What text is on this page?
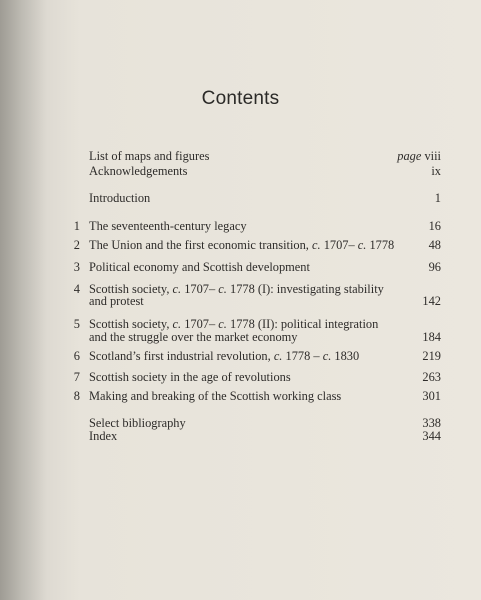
Contents
List of maps and figures	page viii
Acknowledgements	ix
Introduction	1
1 The seventeenth-century legacy	16
2 The Union and the first economic transition, c. 1707– c. 1778	48
3 Political economy and Scottish development	96
4 Scottish society, c. 1707– c. 1778 (I): investigating stability
and protest	142
5 Scottish society, c. 1707– c. 1778 (II): political integration
and the struggle over the market economy	184
6 Scotland’s first industrial revolution, c. 1778 – c. 1830	219
7 Scottish society in the age of revolutions	263
8 Making and breaking of the Scottish working class	301
Select bibliography	338
Index	344
